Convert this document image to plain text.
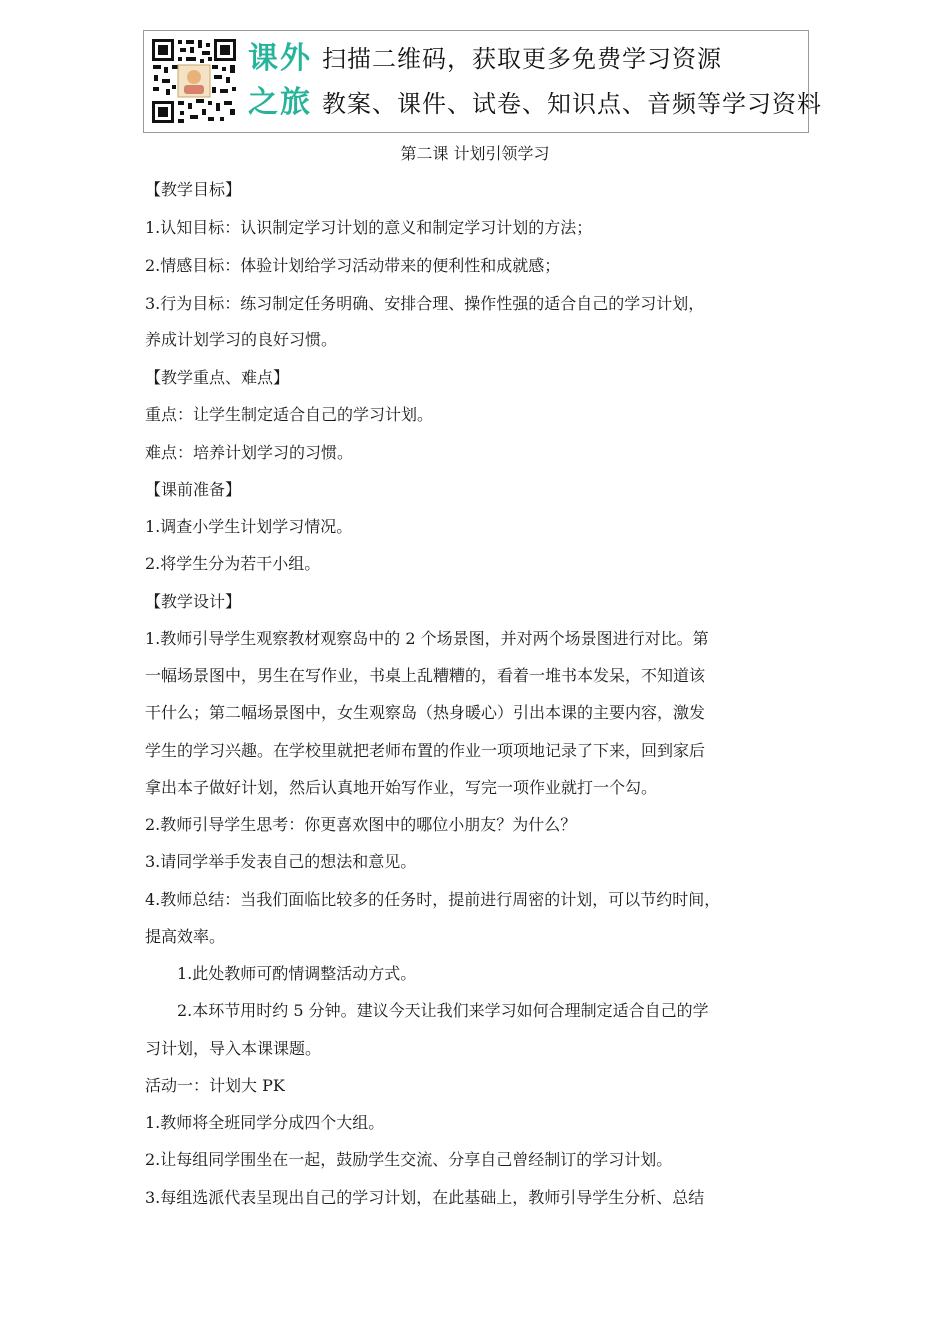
课外
之旅
扫描二维码，获取更多免费学习资源
教案、课件、试卷、知识点、音频等学习资料
第二课 计划引领学习
【教学目标】
1.认知目标：认识制定学习计划的意义和制定学习计划的方法；
2.情感目标：体验计划给学习活动带来的便利性和成就感；
3.行为目标：练习制定任务明确、安排合理、操作性强的适合自己的学习计划，
养成计划学习的良好习惯。
【教学重点、难点】
重点：让学生制定适合自己的学习计划。
难点：培养计划学习的习惯。
【课前准备】
1.调查小学生计划学习情况。
2.将学生分为若干小组。
【教学设计】
1.教师引导学生观察教材观察岛中的 2 个场景图，并对两个场景图进行对比。第
一幅场景图中，男生在写作业，书桌上乱糟糟的，看着一堆书本发呆，不知道该
干什么；第二幅场景图中，女生观察岛（热身暖心）引出本课的主要内容，激发
学生的学习兴趣。在学校里就把老师布置的作业一项项地记录了下来，回到家后
拿出本子做好计划，然后认真地开始写作业，写完一项作业就打一个勾。
2.教师引导学生思考：你更喜欢图中的哪位小朋友？为什么？
3.请同学举手发表自己的想法和意见。
4.教师总结：当我们面临比较多的任务时，提前进行周密的计划，可以节约时间，
提高效率。
　　1.此处教师可酌情调整活动方式。
　　2.本环节用时约 5 分钟。建议今天让我们来学习如何合理制定适合自己的学
习计划，导入本课课题。
活动一：计划大 PK
1.教师将全班同学分成四个大组。
2.让每组同学围坐在一起，鼓励学生交流、分享自己曾经制订的学习计划。
3.每组选派代表呈现出自己的学习计划，在此基础上，教师引导学生分析、总结
